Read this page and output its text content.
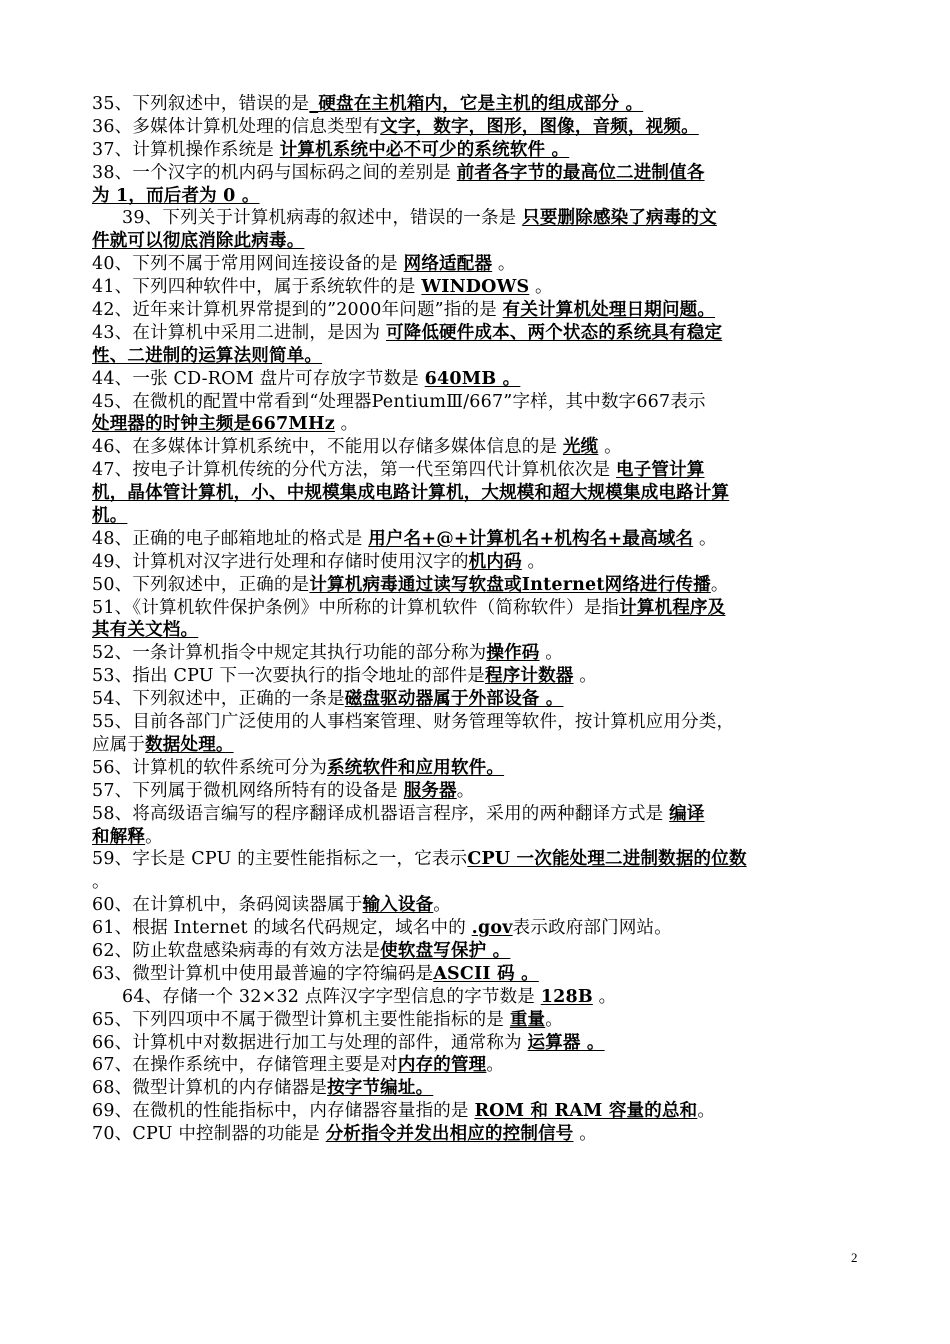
35、下列叙述中，错误的是_硬盘在主机箱内，它是主机的组成部分 。
36、多媒体计算机处理的信息类型有文字，数字，图形，图像，音频，视频。
37、计算机操作系统是 计算机系统中必不可少的系统软件 。
38、一个汉字的机内码与国标码之间的差别是 前者各字节的最高位二进制值各
为 1，而后者为 0 。
39、下列关于计算机病毒的叙述中，错误的一条是 只要删除感染了病毒的文
件就可以彻底消除此病毒。
40、下列不属于常用网间连接设备的是 网络适配器 。
41、下列四种软件中，属于系统软件的是 WINDOWS 。
42、近年来计算机界常提到的”2000年问题”指的是 有关计算机处理日期问题。
43、在计算机中采用二进制，是因为 可降低硬件成本、两个状态的系统具有稳定
性、二进制的运算法则简单。
44、一张 CD-ROM 盘片可存放字节数是 640MB 。
45、在微机的配置中常看到“处理器PentiumⅢ/667”字样，其中数字667表示
处理器的时钟主频是667MHz 。
46、在多媒体计算机系统中，不能用以存储多媒体信息的是 光缆 。
47、按电子计算机传统的分代方法，第一代至第四代计算机依次是 电子管计算
机，晶体管计算机，小、中规模集成电路计算机，大规模和超大规模集成电路计算
机。
48、正确的电子邮箱地址的格式是 用户名+@+计算机名+机构名+最高域名 。
49、计算机对汉字进行处理和存储时使用汉字的机内码 。
50、下列叙述中，正确的是计算机病毒通过读写软盘或Internet网络进行传播。
51、《计算机软件保护条例》中所称的计算机软件（简称软件）是指计算机程序及
其有关文档。
52、一条计算机指令中规定其执行功能的部分称为操作码 。
53、指出 CPU 下一次要执行的指令地址的部件是程序计数器 。
54、下列叙述中，正确的一条是磁盘驱动器属于外部设备 。
55、目前各部门广泛使用的人事档案管理、财务管理等软件，按计算机应用分类，
应属于数据处理。
56、计算机的软件系统可分为系统软件和应用软件。
57、下列属于微机网络所特有的设备是 服务器。
58、将高级语言编写的程序翻译成机器语言程序，采用的两种翻译方式是 编译
和解释。
59、字长是 CPU 的主要性能指标之一，它表示CPU 一次能处理二进制数据的位数
。
60、在计算机中，条码阅读器属于输入设备。
61、根据 Internet 的域名代码规定，域名中的 .gov表示政府部门网站。
62、防止软盘感染病毒的有效方法是使软盘写保护 。
63、微型计算机中使用最普遍的字符编码是ASCII 码 。
64、存储一个 32×32 点阵汉字字型信息的字节数是 128B 。
65、下列四项中不属于微型计算机主要性能指标的是 重量。
66、计算机中对数据进行加工与处理的部件，通常称为 运算器 。
67、在操作系统中，存储管理主要是对内存的管理。
68、微型计算机的内存储器是按字节编址。
69、在微机的性能指标中，内存储器容量指的是 ROM 和 RAM 容量的总和。
70、CPU 中控制器的功能是 分析指令并发出相应的控制信号 。
2
